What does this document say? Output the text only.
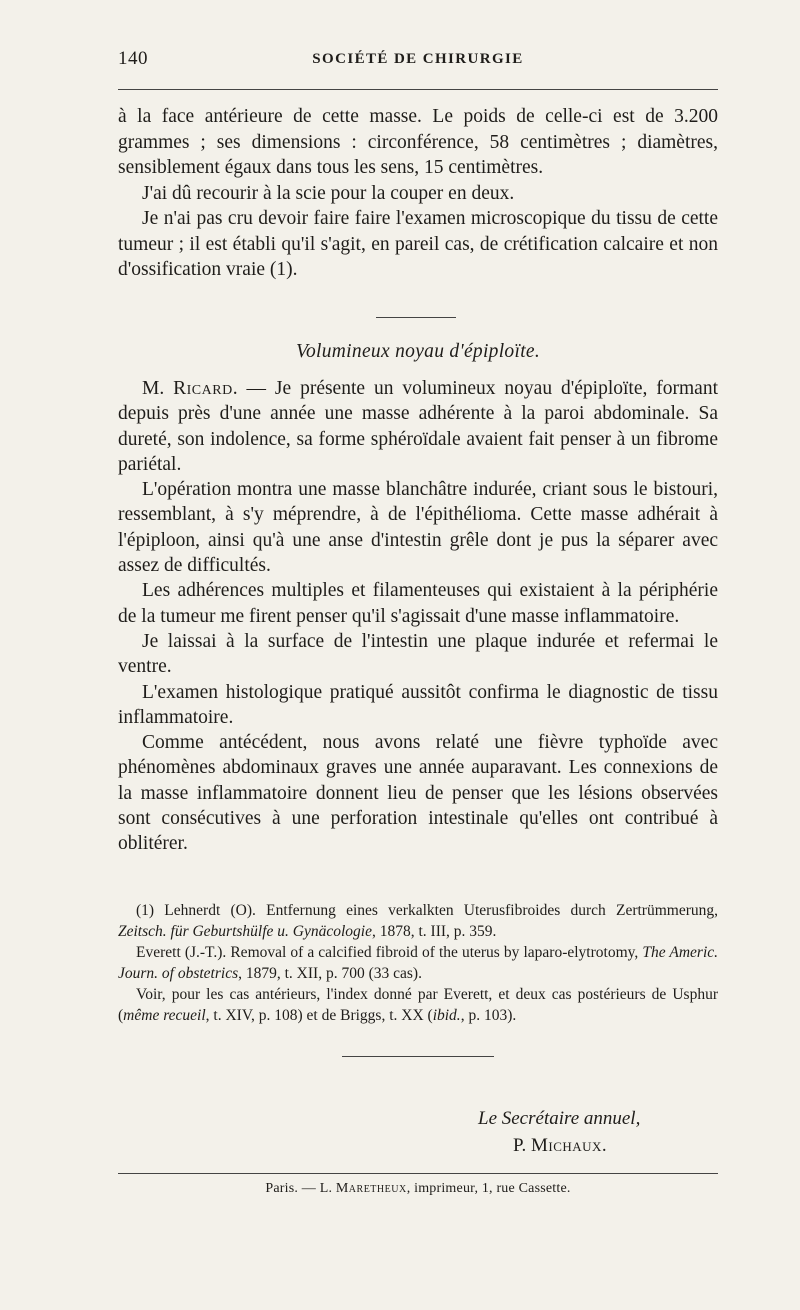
140	SOCIÉTÉ DE CHIRURGIE

à la face antérieure de cette masse. Le poids de celle-ci est de 3.200 grammes ; ses dimensions : circonférence, 58 centimètres ; diamètres, sensiblement égaux dans tous les sens, 15 centimètres.

J'ai dû recourir à la scie pour la couper en deux.

Je n'ai pas cru devoir faire faire l'examen microscopique du tissu de cette tumeur ; il est établi qu'il s'agit, en pareil cas, de crétification calcaire et non d'ossification vraie (1).

Volumineux noyau d'épiploïte.

M. Ricard. — Je présente un volumineux noyau d'épiploïte, formant depuis près d'une année une masse adhérente à la paroi abdominale. Sa dureté, son indolence, sa forme sphéroïdale avaient fait penser à un fibrome pariétal.

L'opération montra une masse blanchâtre indurée, criant sous le bistouri, ressemblant, à s'y méprendre, à de l'épithélioma. Cette masse adhérait à l'épiploon, ainsi qu'à une anse d'intestin grêle dont je pus la séparer avec assez de difficultés.

Les adhérences multiples et filamenteuses qui existaient à la périphérie de la tumeur me firent penser qu'il s'agissait d'une masse inflammatoire.

Je laissai à la surface de l'intestin une plaque indurée et refermai le ventre.

L'examen histologique pratiqué aussitôt confirma le diagnostic de tissu inflammatoire.

Comme antécédent, nous avons relaté une fièvre typhoïde avec phénomènes abdominaux graves une année auparavant. Les connexions de la masse inflammatoire donnent lieu de penser que les lésions observées sont consécutives à une perforation intestinale qu'elles ont contribué à oblitérer.

(1) Lehnerdt (O). Entfernung eines verkalkten Uterusfibroides durch Zertrümmerung, Zeitsch. für Geburtshülfe u. Gynäcologie, 1878, t. III, p. 359.

Everett (J.-T.). Removal of a calcified fibroid of the uterus by laparo-elytrotomy, The Americ. Journ. of obstetrics, 1879, t. XII, p. 700 (33 cas).

Voir, pour les cas antérieurs, l'index donné par Everett, et deux cas postérieurs de Usphur (même recueil, t. XIV, p. 108) et de Briggs, t. XX (ibid., p. 103).

Le Secrétaire annuel,
P. Michaux.
Paris. — L. Maretheux, imprimeur, 1, rue Cassette.
